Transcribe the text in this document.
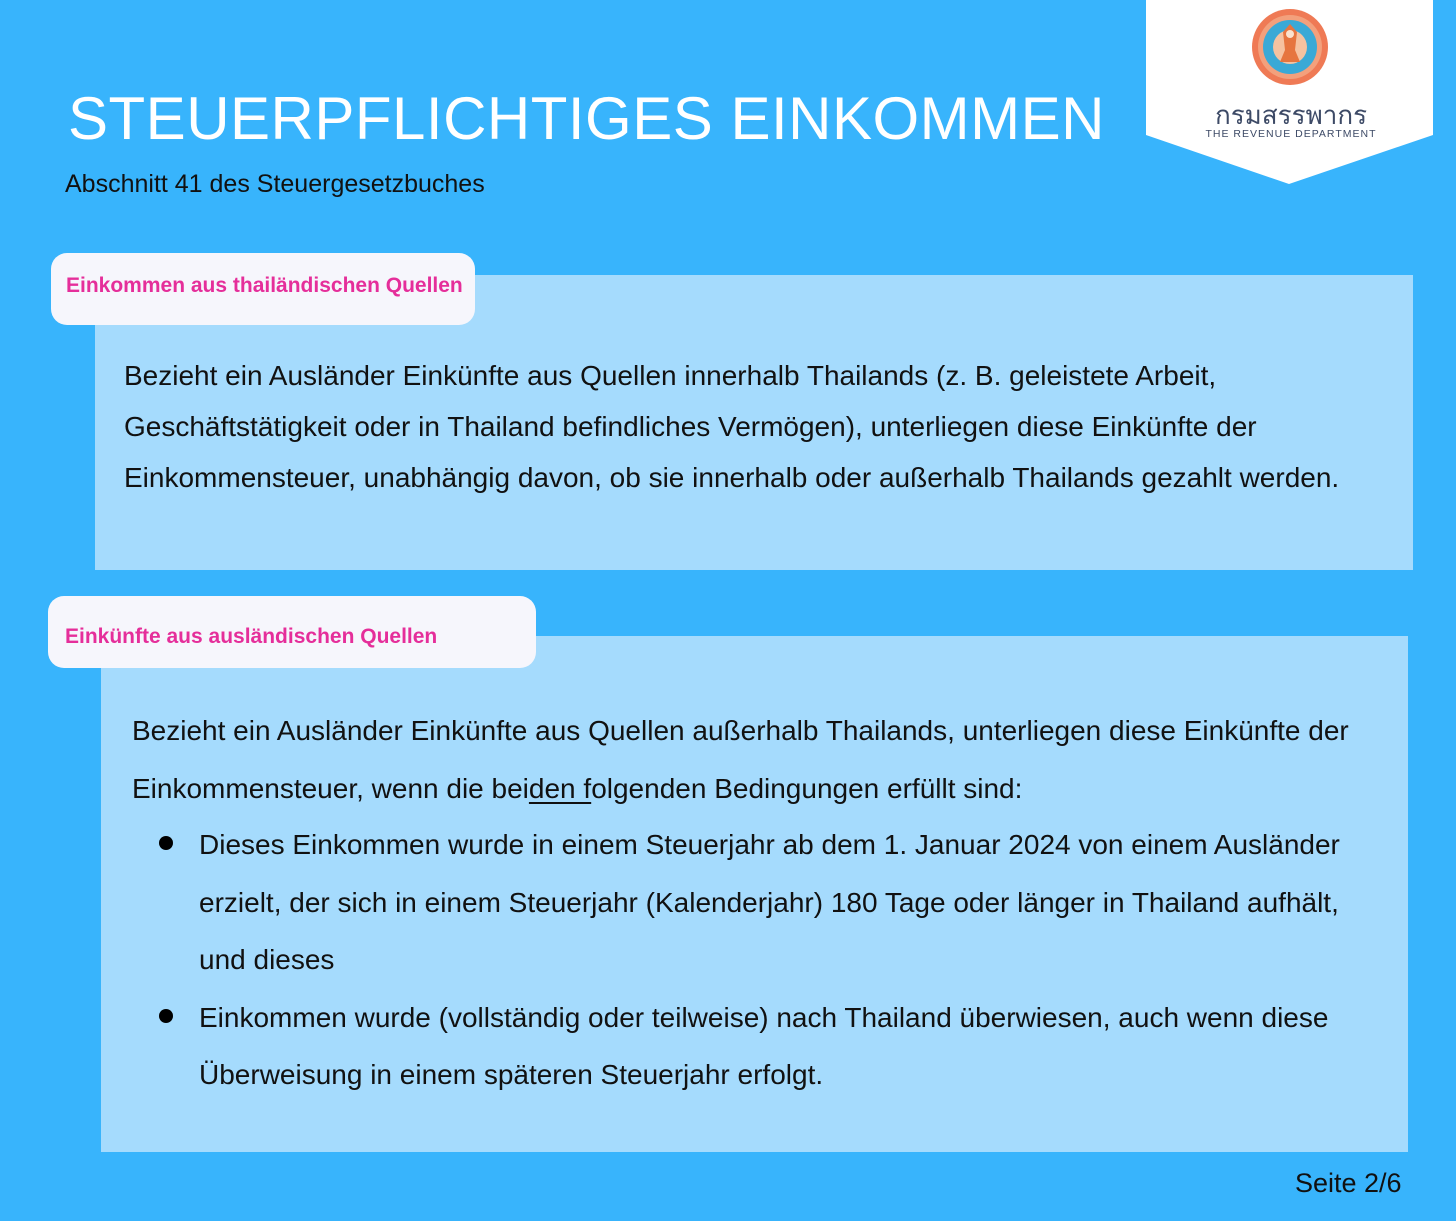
STEUERPFLICHTIGES EINKOMMEN
Abschnitt 41 des Steuergesetzbuches
กรมสรรพากร
THE REVENUE DEPARTMENT
Einkommen aus thailändischen Quellen

Bezieht ein Ausländer Einkünfte aus Quellen innerhalb Thailands (z. B. geleistete Arbeit, Geschäftstätigkeit oder in Thailand befindliches Vermögen), unterliegen diese Einkünfte der Einkommensteuer, unabhängig davon, ob sie innerhalb oder außerhalb Thailands gezahlt werden.

Einkünfte aus ausländischen Quellen

Bezieht ein Ausländer Einkünfte aus Quellen außerhalb Thailands, unterliegen diese Einkünfte der Einkommensteuer, wenn die beiden folgenden Bedingungen erfüllt sind:

Dieses Einkommen wurde in einem Steuerjahr ab dem 1. Januar 2024 von einem Ausländer erzielt, der sich in einem Steuerjahr (Kalenderjahr) 180 Tage oder länger in Thailand aufhält, und dieses
Einkommen wurde (vollständig oder teilweise) nach Thailand überwiesen, auch wenn diese Überweisung in einem späteren Steuerjahr erfolgt.
Seite 2/6
